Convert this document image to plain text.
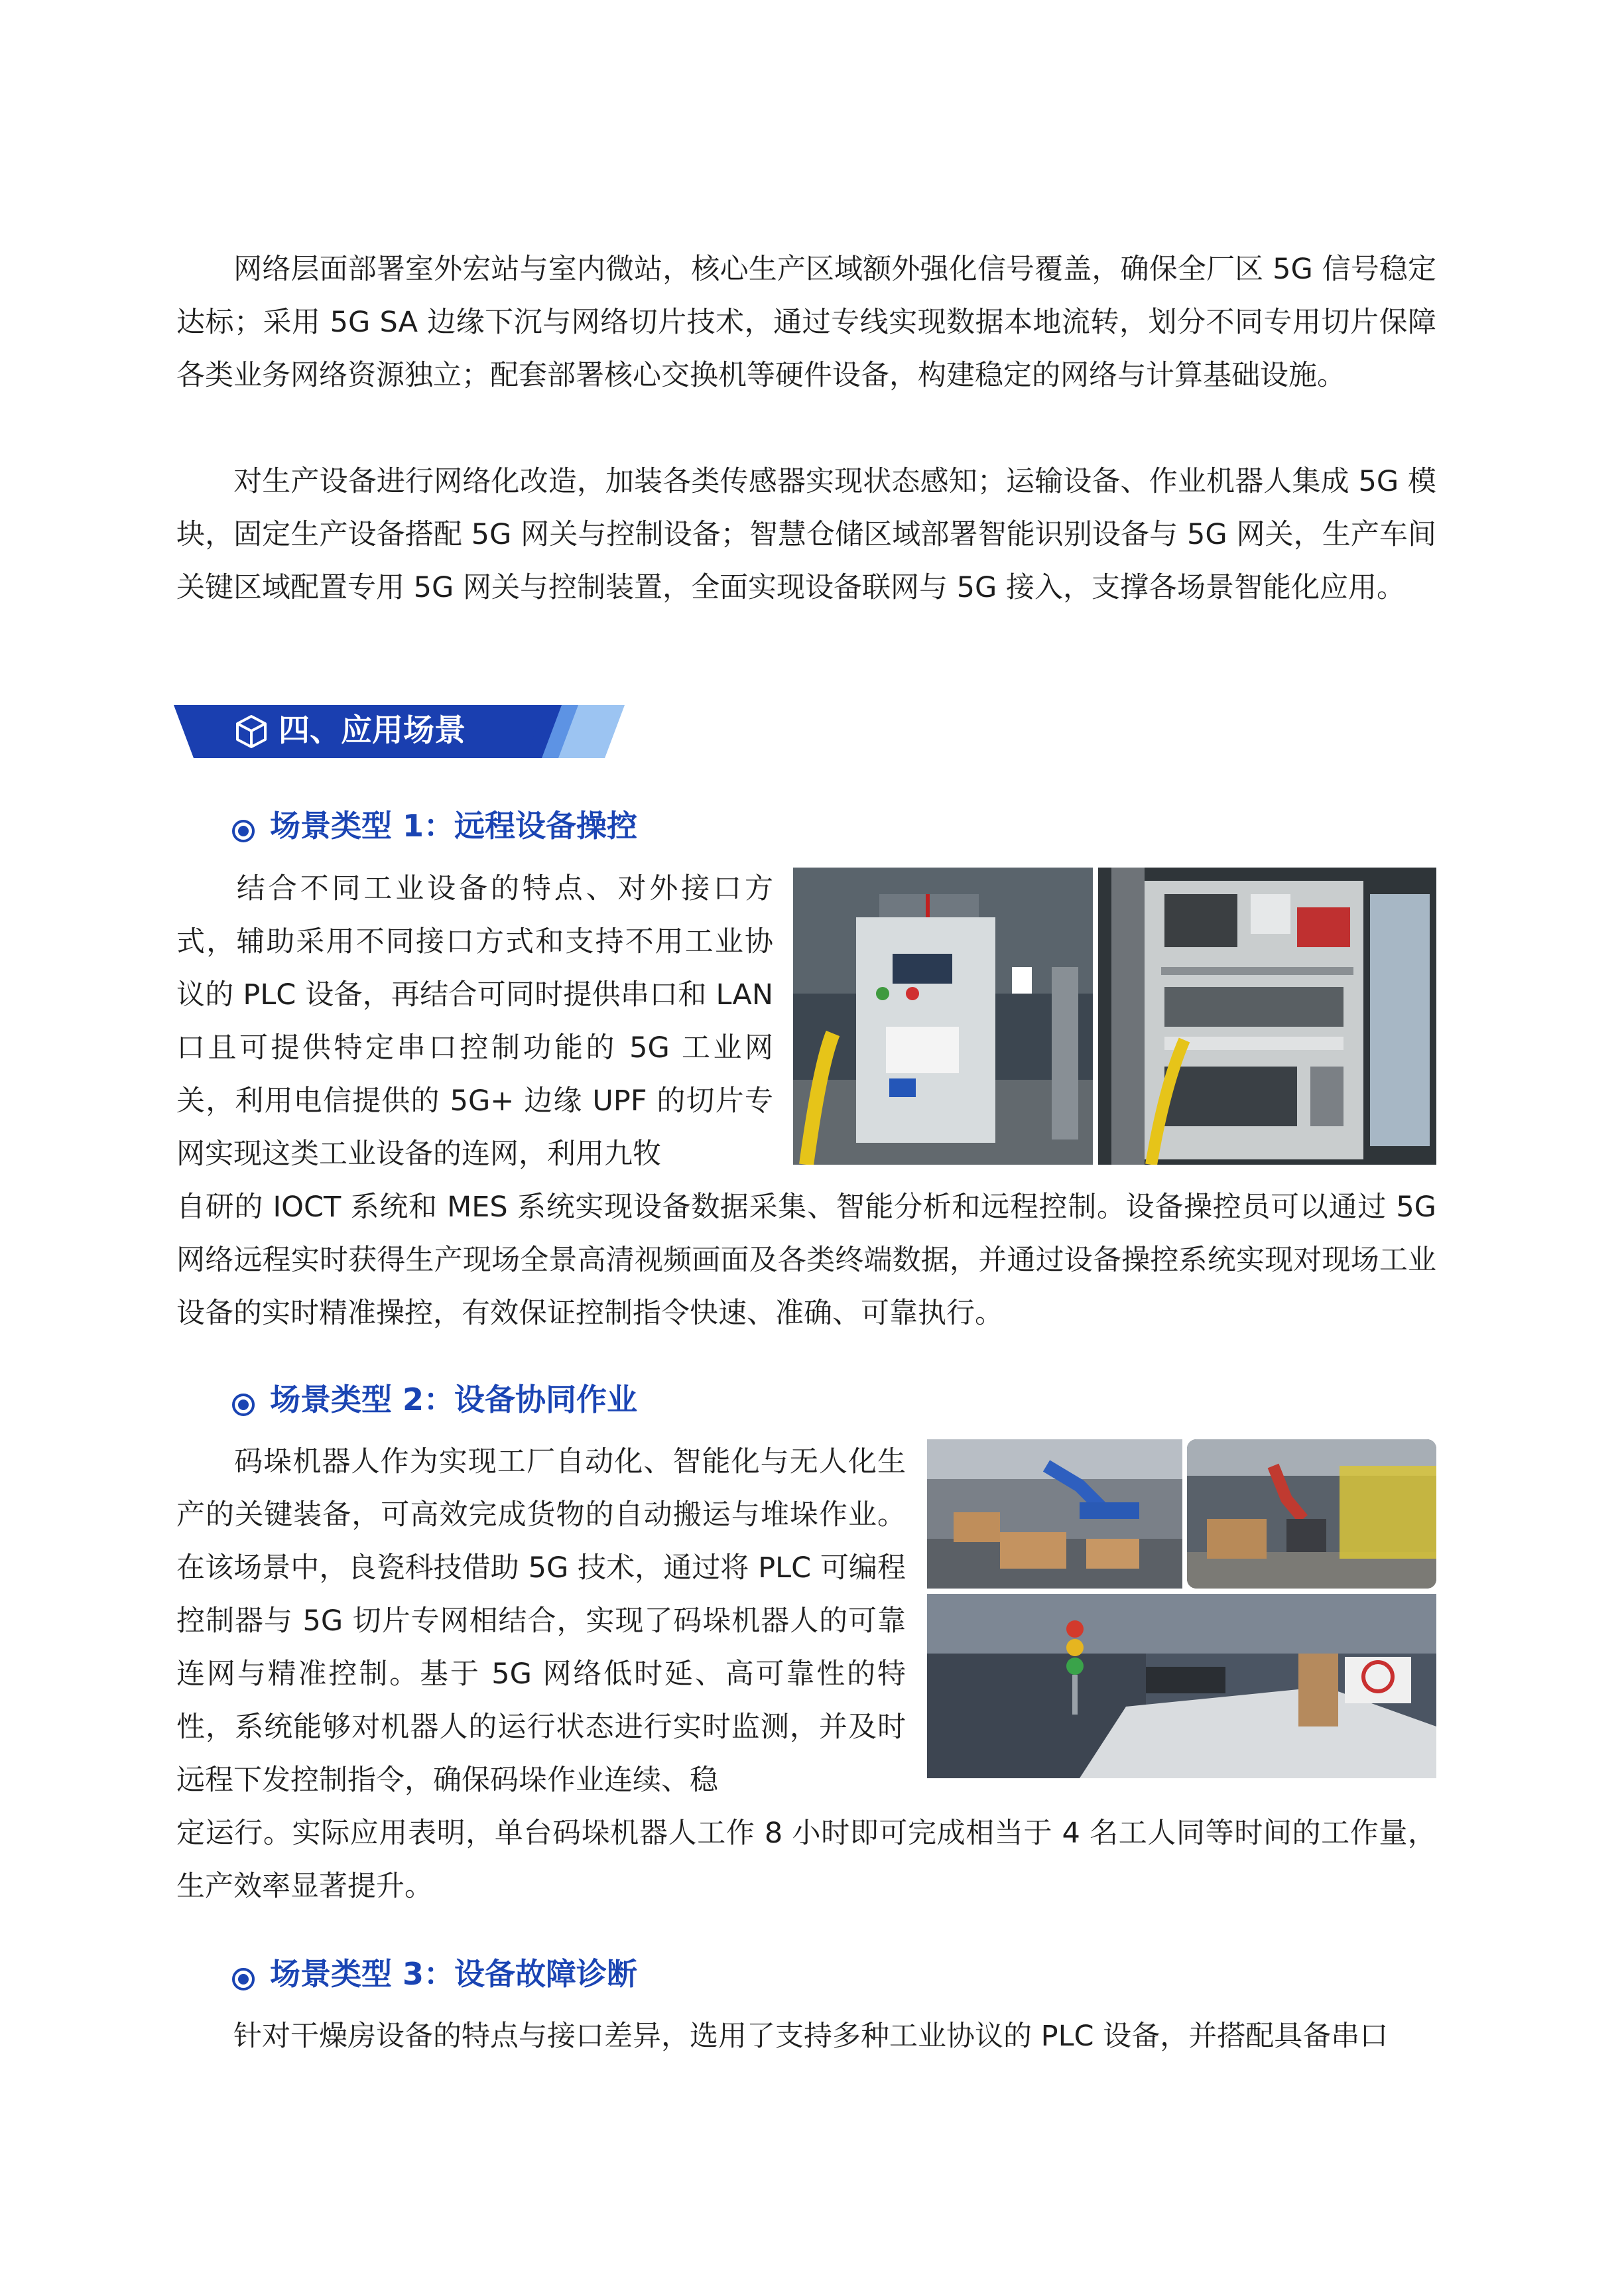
网络层面部署室外宏站与室内微站，核心生产区域额外强化信号覆盖，确保全厂区 5G 信号稳定达标；采用 5G SA 边缘下沉与网络切片技术，通过专线实现数据本地流转，划分不同专用切片保障各类业务网络资源独立；配套部署核心交换机等硬件设备，构建稳定的网络与计算基础设施。

对生产设备进行网络化改造，加装各类传感器实现状态感知；运输设备、作业机器人集成 5G 模块，固定生产设备搭配 5G 网关与控制设备；智慧仓储区域部署智能识别设备与 5G 网关，生产车间关键区域配置专用 5G 网关与控制装置，全面实现设备联网与 5G 接入，支撑各场景智能化应用。

四、应用场景
场景类型 1：远程设备操控

结合不同工业设备的特点、对外接口方式，辅助采用不同接口方式和支持不用工业协议的 PLC 设备，再结合可同时提供串口和 LAN 口且可提供特定串口控制功能的 5G 工业网关，利用电信提供的 5G+ 边缘 UPF 的切片专网实现这类工业设备的连网，利用九牧

自研的 IOCT 系统和 MES 系统实现设备数据采集、智能分析和远程控制。设备操控员可以通过 5G 网络远程实时获得生产现场全景高清视频画面及各类终端数据，并通过设备操控系统实现对现场工业设备的实时精准操控，有效保证控制指令快速、准确、可靠执行。

场景类型 2：设备协同作业

码垛机器人作为实现工厂自动化、智能化与无人化生产的关键装备，可高效完成货物的自动搬运与堆垛作业。在该场景中，良瓷科技借助 5G 技术，通过将 PLC 可编程控制器与 5G 切片专网相结合，实现了码垛机器人的可靠连网与精准控制。基于 5G 网络低时延、高可靠性的特性，系统能够对机器人的运行状态进行实时监测，并及时远程下发控制指令，确保码垛作业连续、稳

定运行。实际应用表明，单台码垛机器人工作 8 小时即可完成相当于 4 名工人同等时间的工作量，生产效率显著提升。

场景类型 3：设备故障诊断

针对干燥房设备的特点与接口差异，选用了支持多种工业协议的 PLC 设备，并搭配具备串口
